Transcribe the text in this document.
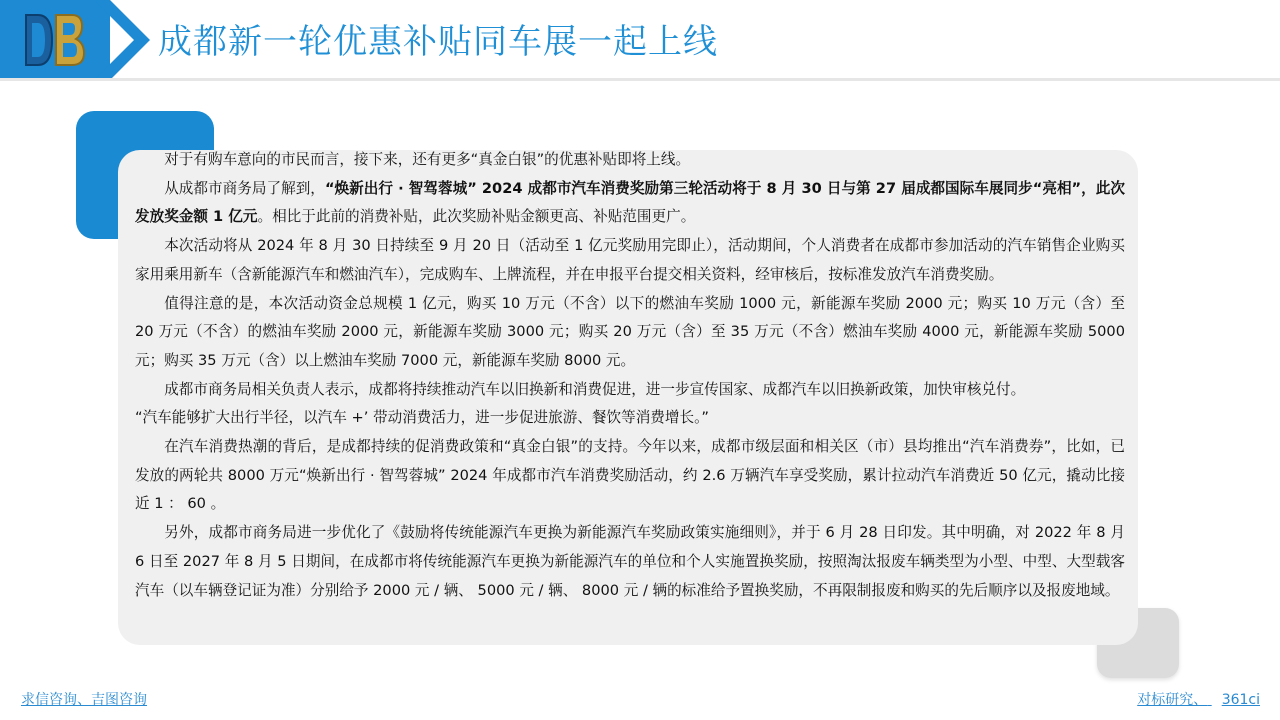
成都新一轮优惠补贴同车展一起上线

对于有购车意向的市民而言，接下来，还有更多“真金白银”的优惠补贴即将上线。

从成都市商务局了解到，“焕新出行 · 智驾蓉城” 2024 成都市汽车消费奖励第三轮活动将于 8 月 30 日与第 27 届成都国际车展同步“亮相”，此次发放奖金额 1 亿元。相比于此前的消费补贴，此次奖励补贴金额更高、补贴范围更广。

本次活动将从 2024 年 8 月 30 日持续至 9 月 20 日（活动至 1 亿元奖励用完即止），活动期间，个人消费者在成都市参加活动的汽车销售企业购买家用乘用新车（含新能源汽车和燃油汽车），完成购车、上牌流程，并在申报平台提交相关资料，经审核后，按标准发放汽车消费奖励。

值得注意的是，本次活动资金总规模 1 亿元，购买 10 万元（不含）以下的燃油车奖励 1000 元，新能源车奖励 2000 元；购买 10 万元（含）至 20 万元（不含）的燃油车奖励 2000 元，新能源车奖励 3000 元；购买 20 万元（含）至 35 万元（不含）燃油车奖励 4000 元，新能源车奖励 5000 元；购买 35 万元（含）以上燃油车奖励 7000 元，新能源车奖励 8000 元。

成都市商务局相关负责人表示，成都将持续推动汽车以旧换新和消费促进，进一步宣传国家、成都汽车以旧换新政策，加快审核兑付。

“汽车能够扩大出行半径，以汽车 +’ 带动消费活力，进一步促进旅游、餐饮等消费增长。”

在汽车消费热潮的背后，是成都持续的促消费政策和“真金白银”的支持。今年以来，成都市级层面和相关区（市）县均推出“汽车消费券”，比如，已发放的两轮共 8000 万元“焕新出行 · 智驾蓉城” 2024 年成都市汽车消费奖励活动，约 2.6 万辆汽车享受奖励，累计拉动汽车消费近 50 亿元，撬动比接近 1 ： 60 。

另外，成都市商务局进一步优化了《鼓励将传统能源汽车更换为新能源汽车奖励政策实施细则》，并于 6 月 28 日印发。其中明确，对 2022 年 8 月 6 日至 2027 年 8 月 5 日期间，在成都市将传统能源汽车更换为新能源汽车的单位和个人实施置换奖励，按照淘汰报废车辆类型为小型、中型、大型载客汽车（以车辆登记证为准）分别给予 2000 元 / 辆、 5000 元 / 辆、 8000 元 / 辆的标准给予置换奖励，不再限制报废和购买的先后顺序以及报废地域。

求信咨询、吉图咨询	对标研究、 361ci
